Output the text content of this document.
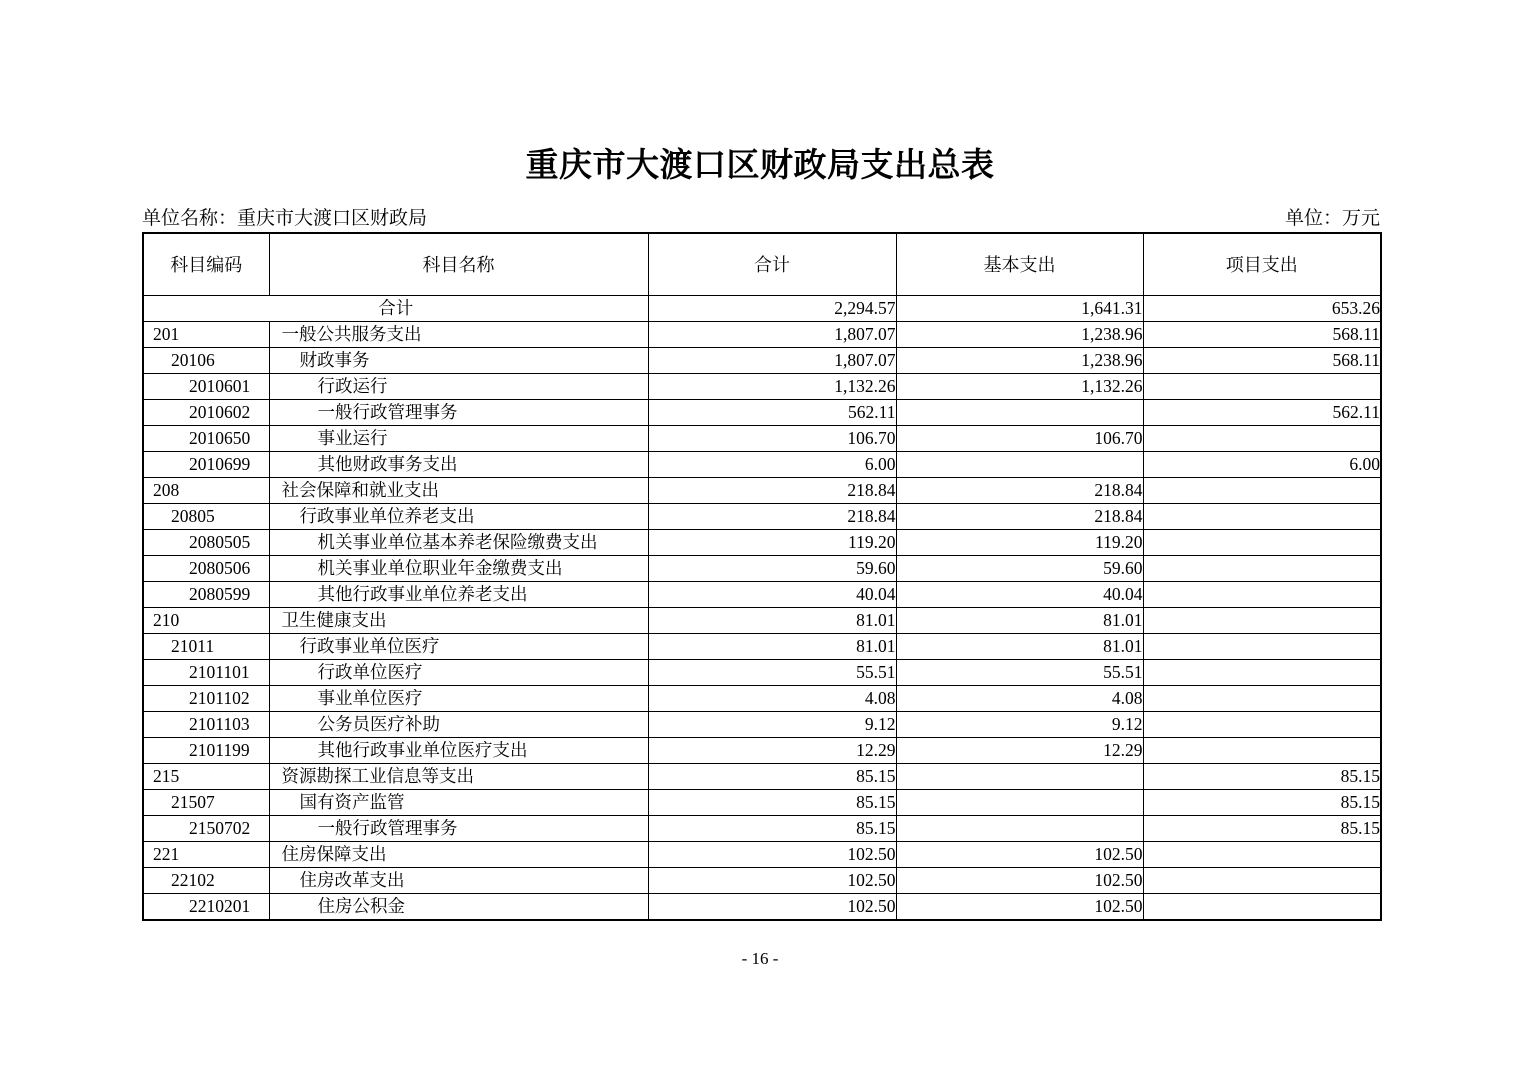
重庆市大渡口区财政局支出总表
单位名称：重庆市大渡口区财政局	单位：万元
科目编码	科目名称	合计	基本支出	项目支出
合计		2,294.57	1,641.31	653.26
201	一般公共服务支出	1,807.07	1,238.96	568.11
20106	财政事务	1,807.07	1,238.96	568.11
2010601	行政运行	1,132.26	1,132.26	
2010602	一般行政管理事务	562.11		562.11
2010650	事业运行	106.70	106.70	
2010699	其他财政事务支出	6.00		6.00
208	社会保障和就业支出	218.84	218.84	
20805	行政事业单位养老支出	218.84	218.84	
2080505	机关事业单位基本养老保险缴费支出	119.20	119.20	
2080506	机关事业单位职业年金缴费支出	59.60	59.60	
2080599	其他行政事业单位养老支出	40.04	40.04	
210	卫生健康支出	81.01	81.01	
21011	行政事业单位医疗	81.01	81.01	
2101101	行政单位医疗	55.51	55.51	
2101102	事业单位医疗	4.08	4.08	
2101103	公务员医疗补助	9.12	9.12	
2101199	其他行政事业单位医疗支出	12.29	12.29	
215	资源勘探工业信息等支出	85.15		85.15
21507	国有资产监管	85.15		85.15
2150702	一般行政管理事务	85.15		85.15
221	住房保障支出	102.50	102.50	
22102	住房改革支出	102.50	102.50	
2210201	住房公积金	102.50	102.50	
- 16 -
